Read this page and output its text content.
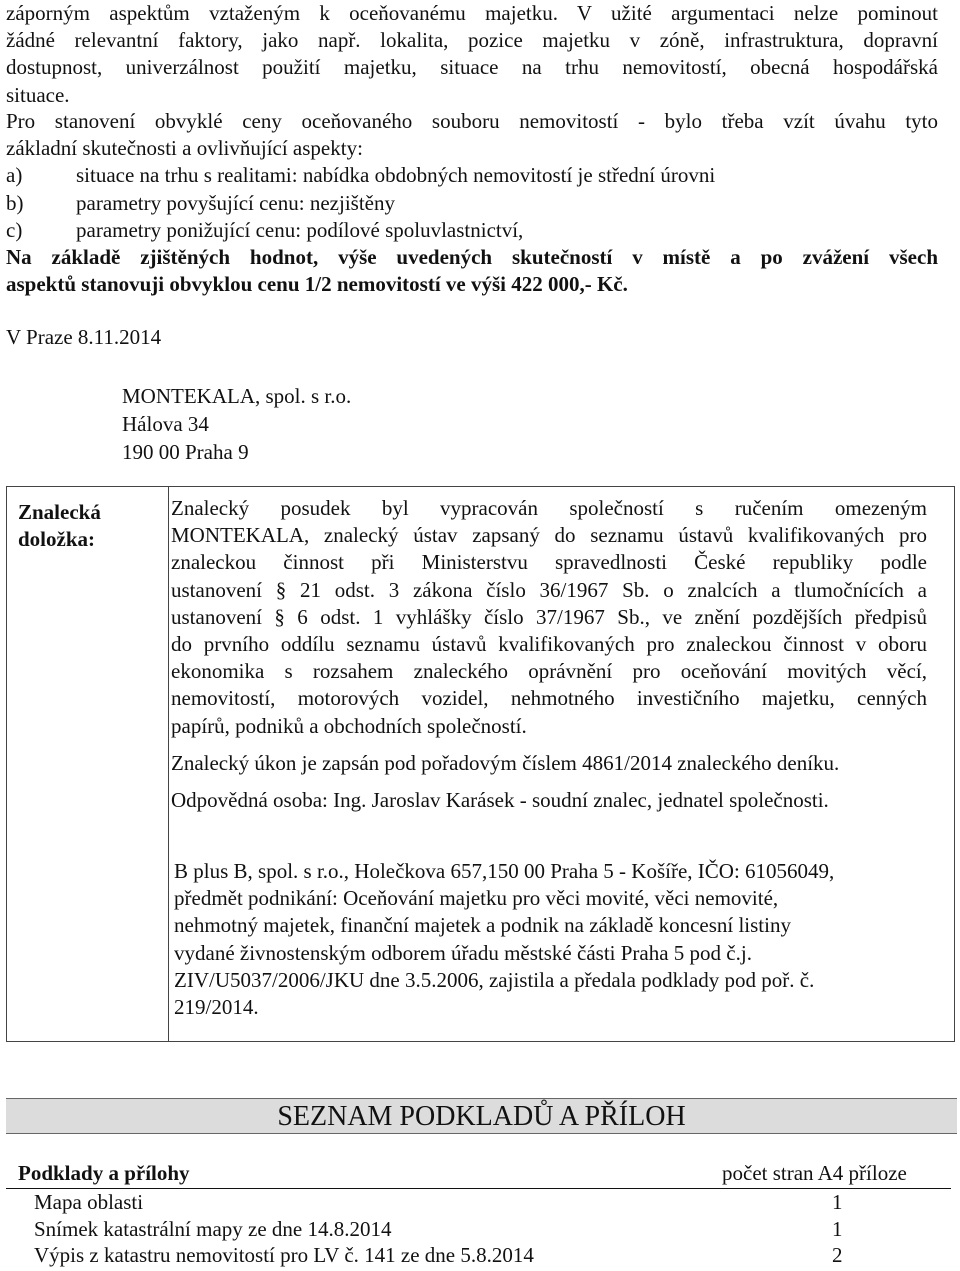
záporným aspektům vztaženým k oceňovanému majetku. V užité argumentaci nelze pominout
žádné relevantní faktory, jako např. lokalita, pozice majetku v zóně, infrastruktura, dopravní
dostupnost, univerzálnost použití majetku, situace na trhu nemovitostí, obecná hospodářská
situace.
Pro stanovení obvyklé ceny oceňovaného souboru nemovitostí - bylo třeba vzít úvahu tyto
základní skutečnosti a ovlivňující aspekty:
a)	situace na trhu s realitami: nabídka obdobných nemovitostí je střední úrovni
b)	parametry povyšující cenu: nezjištěny
c)	parametry ponižující cenu: podílové spoluvlastnictví,
Na základě zjištěných hodnot, výše uvedených skutečností v místě a po zvážení všech
aspektů stanovuji obvyklou cenu 1/2 nemovitostí ve výši 422 000,- Kč.
V Praze 8.11.2014
MONTEKALA, spol. s r.o.
Hálova 34
190 00 Praha 9
Znalecká
doložka:
Znalecký posudek byl vypracován společností s ručením omezeným
MONTEKALA, znalecký ústav zapsaný do seznamu ústavů kvalifikovaných pro
znaleckou činnost při Ministerstvu spravedlnosti České republiky podle
ustanovení § 21 odst. 3 zákona číslo 36/1967 Sb. o znalcích a tlumočnících a
ustanovení § 6 odst. 1 vyhlášky číslo 37/1967 Sb., ve znění pozdějších předpisů
do prvního oddílu seznamu ústavů kvalifikovaných pro znaleckou činnost v oboru
ekonomika s rozsahem znaleckého oprávnění pro oceňování movitých věcí,
nemovitostí, motorových vozidel, nehmotného investičního majetku, cenných
papírů, podniků a obchodních společností.
Znalecký úkon je zapsán pod pořadovým číslem 4861/2014 znaleckého deníku.
Odpovědná osoba: Ing. Jaroslav Karásek - soudní znalec, jednatel společnosti.
B plus B, spol. s r.o., Holečkova 657,150 00 Praha 5 - Košíře, IČO: 61056049,
předmět podnikání: Oceňování majetku pro věci movité, věci nemovité,
nehmotný majetek, finanční majetek a podnik na základě koncesní listiny
vydané živnostenským odborem úřadu městské části Praha 5 pod č.j.
ZIV/U5037/2006/JKU dne 3.5.2006, zajistila a předala podklady pod poř. č.
219/2014.
SEZNAM PODKLADŮ A PŘÍLOH
Podklady a přílohy	počet stran A4 příloze
Mapa oblasti	1
Snímek katastrální mapy ze dne 14.8.2014	1
Výpis z katastru nemovitostí pro LV č. 141 ze dne 5.8.2014	2
